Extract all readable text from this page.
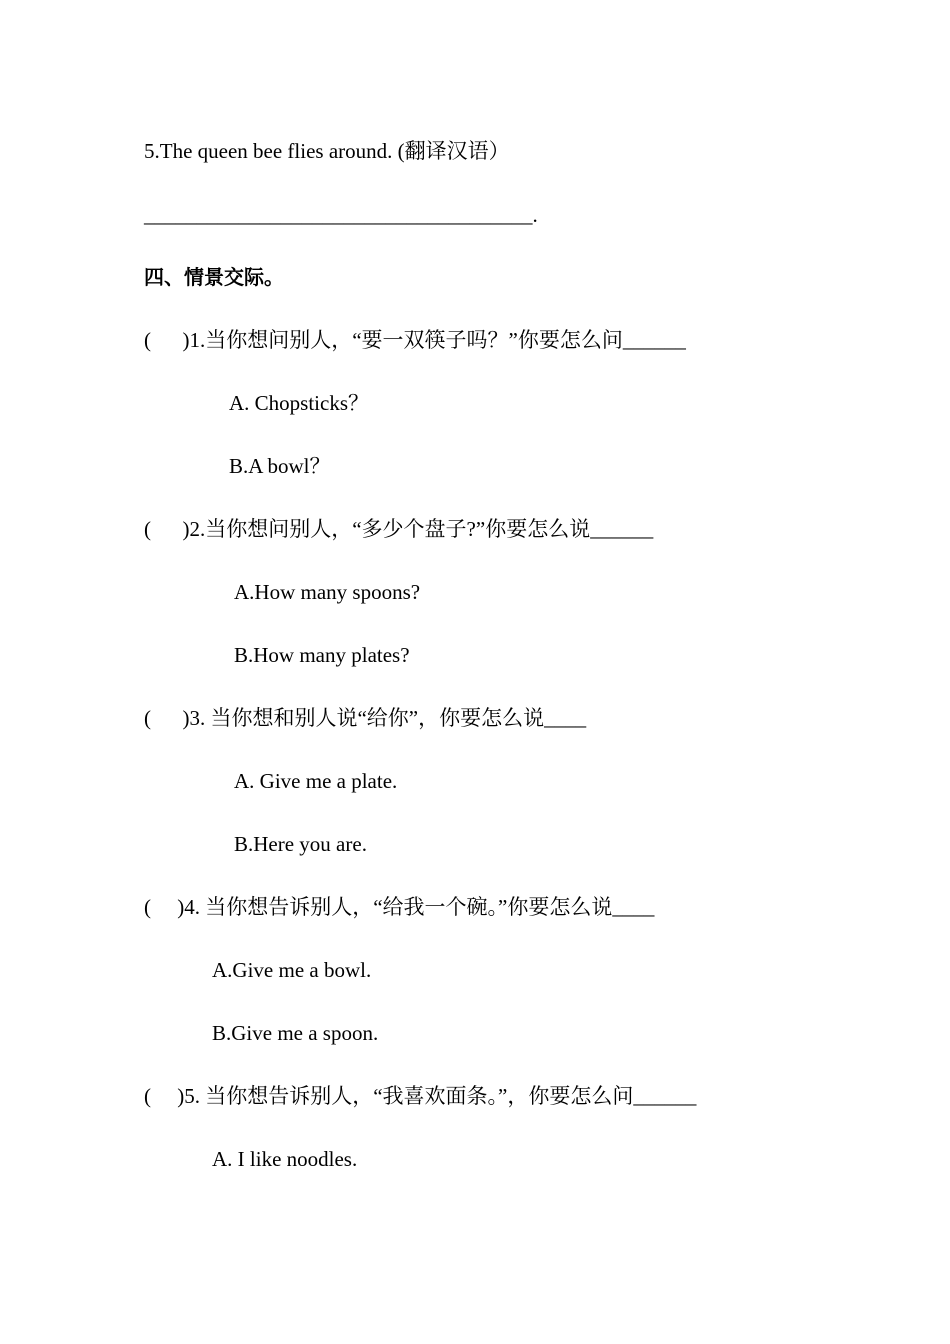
5.The queen bee flies around. (翻译汉语）
_____________________________________.
四、情景交际。
(      )1.当你想问别人，“要一双筷子吗？”你要怎么问______
A. Chopsticks？
B.A bowl？
(      )2.当你想问别人，“多少个盘子?”你要怎么说______
A.How many spoons?
B.How many plates?
(      )3. 当你想和别人说“给你”，你要怎么说____
A. Give me a plate.
B.Here you are.
(     )4. 当你想告诉别人，“给我一个碗。”你要怎么说____
A.Give me a bowl.
B.Give me a spoon.
(     )5. 当你想告诉别人，“我喜欢面条。”，你要怎么问______
A. I like noodles.
